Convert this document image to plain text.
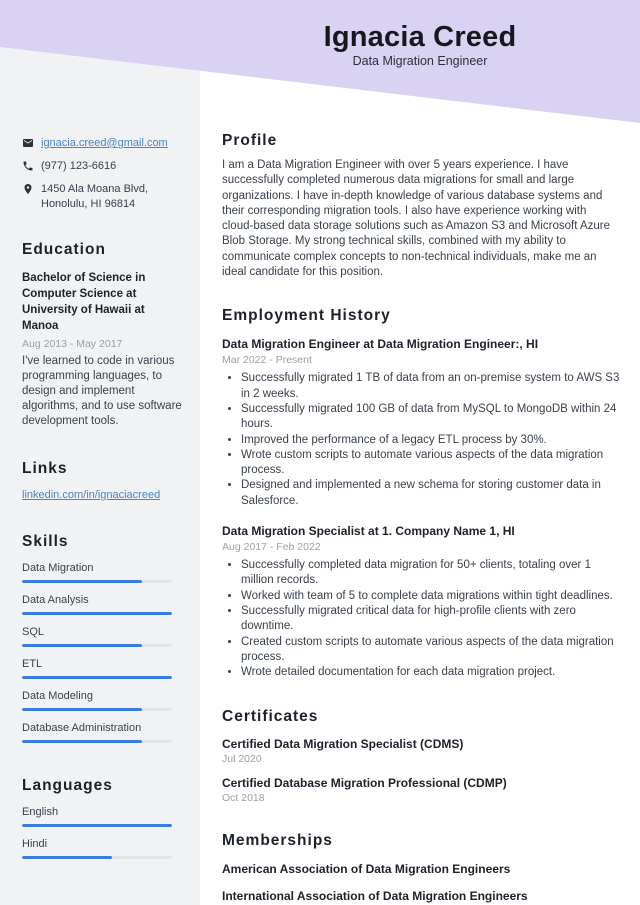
Ignacia Creed
Data Migration Engineer
ignacia.creed@gmail.com
(977) 123-6616
1450 Ala Moana Blvd,
Honolulu, HI 96814
Education
Bachelor of Science in Computer Science at University of Hawaii at Manoa
Aug 2013 - May 2017
I've learned to code in various programming languages, to design and implement algorithms, and to use software development tools.
Links
linkedin.com/in/ignaciacreed
Skills
Data Migration
Data Analysis
SQL
ETL
Data Modeling
Database Administration
Languages
English
Hindi
Profile

I am a Data Migration Engineer with over 5 years experience. I have successfully completed numerous data migrations for small and large organizations. I have in-depth knowledge of various database systems and their corresponding migration tools. I also have experience working with cloud-based data storage solutions such as Amazon S3 and Microsoft Azure Blob Storage. My strong technical skills, combined with my ability to communicate complex concepts to non-technical individuals, make me an ideal candidate for this position.

Employment History
Data Migration Engineer at Data Migration Engineer:, HI
Mar 2022 - Present
• Successfully migrated 1 TB of data from an on-premise system to AWS S3 in 2 weeks.
• Successfully migrated 100 GB of data from MySQL to MongoDB within 24 hours.
• Improved the performance of a legacy ETL process by 30%.
• Wrote custom scripts to automate various aspects of the data migration process.
• Designed and implemented a new schema for storing customer data in Salesforce.
Data Migration Specialist at 1. Company Name 1, HI
Aug 2017 - Feb 2022
• Successfully completed data migration for 50+ clients, totaling over 1 million records.
• Worked with team of 5 to complete data migrations within tight deadlines.
• Successfully migrated critical data for high-profile clients with zero downtime.
• Created custom scripts to automate various aspects of the data migration process.
• Wrote detailed documentation for each data migration project.
Certificates
Certified Data Migration Specialist (CDMS)
Jul 2020
Certified Database Migration Professional (CDMP)
Oct 2018
Memberships
American Association of Data Migration Engineers
International Association of Data Migration Engineers
